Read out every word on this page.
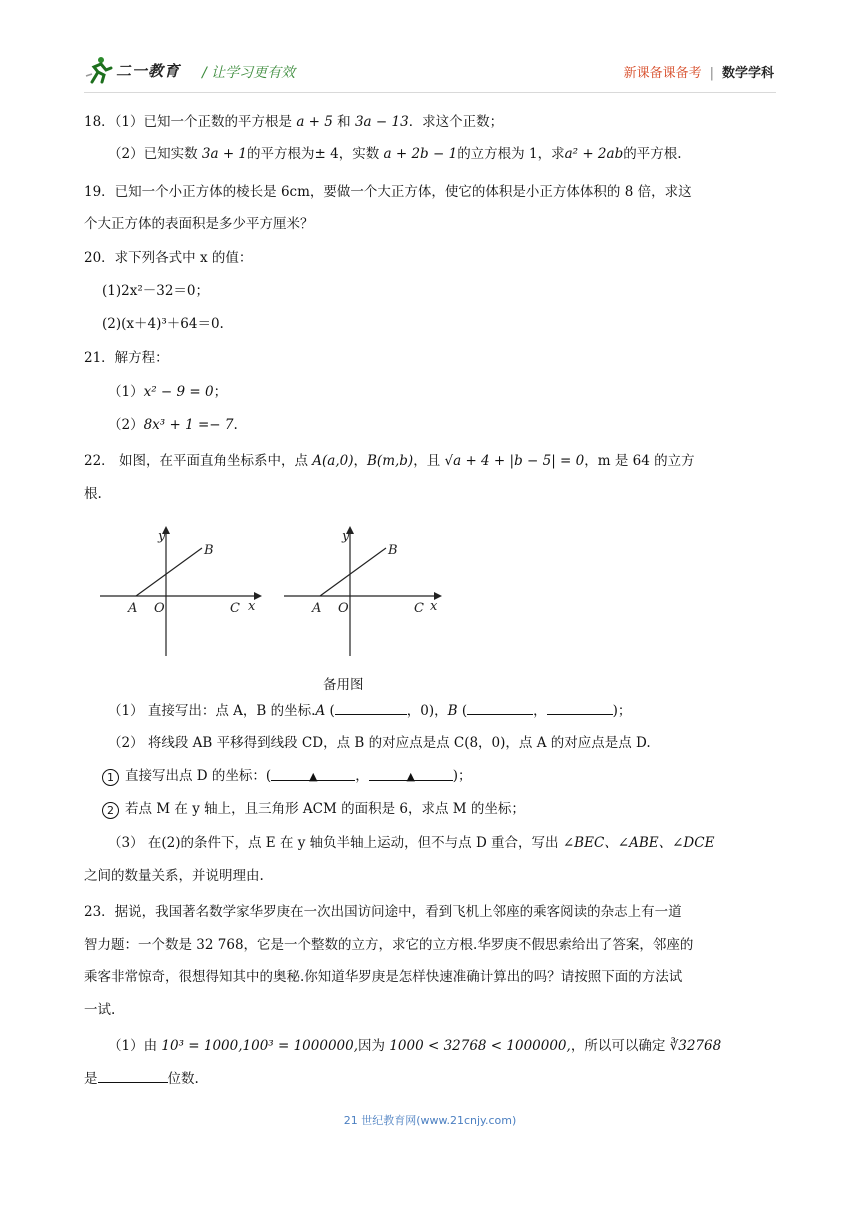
二一教育 / 让学习更有效	新课备课备考 | 数学学科
18．（1）已知一个正数的平方根是 a + 5 和 3a − 13．求这个正数；
（2）已知实数 3a + 1的平方根为± 4，实数 a + 2b − 1的立方根为 1，求a² + 2ab的平方根.
19．已知一个小正方体的棱长是 6cm，要做一个大正方体，使它的体积是小正方体体积的 8 倍，求这
个大正方体的表面积是多少平方厘米？
20．求下列各式中 x 的值：
(1)2x²－32＝0；
(2)(x＋4)³＋64＝0.
21．解方程：
（1）x² − 9 = 0；
（2）8x³ + 1 =− 7.
22． 如图，在平面直角坐标系中，点 A(a,0)，B(m,b)，且 √a + 4 + |b − 5| = 0，m 是 64 的立方
根.
y
B
A O	C x
y
B
A O	C x
备用图
（1） 直接写出：点 A，B 的坐标.A (	，0)，B (	，	)；
（2） 将线段 AB 平移得到线段 CD，点 B 的对应点是点 C(8，0)，点 A 的对应点是点 D.
1 直接写出点 D 的坐标：(	▲	，	▲	)；
2 若点 M 在 y 轴上，且三角形 ACM 的面积是 6，求点 M 的坐标；
（3） 在(2)的条件下，点 E 在 y 轴负半轴上运动，但不与点 D 重合，写出 ∠BEC、∠ABE、∠DCE
之间的数量关系，并说明理由.
23．据说，我国著名数学家华罗庚在一次出国访问途中，看到飞机上邻座的乘客阅读的杂志上有一道
智力题：一个数是 32 768，它是一个整数的立方，求它的立方根.华罗庚不假思索给出了答案，邻座的
乘客非常惊奇，很想得知其中的奥秘.你知道华罗庚是怎样快速准确计算出的吗？请按照下面的方法试
一试.
（1）由 10³ = 1000,100³ = 1000000,因为 1000 < 32768 < 1000000,，所以可以确定 ∛32768
是	位数.
21 世纪教育网(www.21cnjy.com)
